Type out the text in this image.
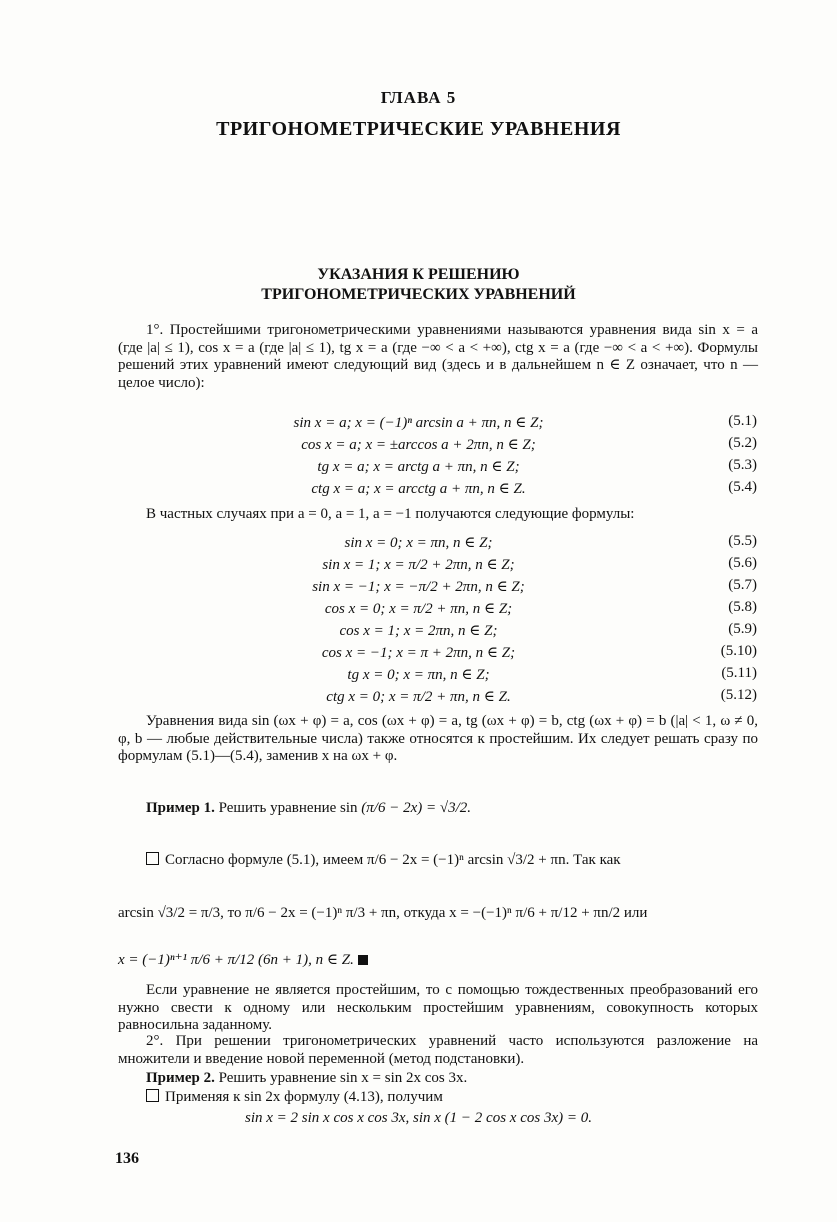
ГЛАВА 5
ТРИГОНОМЕТРИЧЕСКИЕ УРАВНЕНИЯ
УКАЗАНИЯ К РЕШЕНИЮ
ТРИГОНОМЕТРИЧЕСКИХ УРАВНЕНИЙ
1°. Простейшими тригонометрическими уравнениями называются уравнения вида sin x = a (где |a| ≤ 1), cos x = a (где |a| ≤ 1), tg x = a (где −∞ < a < +∞), ctg x = a (где −∞ < a < +∞). Формулы решений этих уравнений имеют следующий вид (здесь и в дальнейшем n ∈ Z означает, что n — целое число):
sin x = a; x = (−1)ⁿ arcsin a + πn, n ∈ Z;	(5.1)
cos x = a; x = ±arccos a + 2πn, n ∈ Z;	(5.2)
tg x = a; x = arctg a + πn, n ∈ Z;	(5.3)
ctg x = a; x = arcctg a + πn, n ∈ Z.	(5.4)
В частных случаях при a = 0, a = 1, a = −1 получаются следующие формулы:
sin x = 0; x = πn, n ∈ Z;	(5.5)
sin x = 1; x = π/2 + 2πn, n ∈ Z;	(5.6)
sin x = −1; x = −π/2 + 2πn, n ∈ Z;	(5.7)
cos x = 0; x = π/2 + πn, n ∈ Z;	(5.8)
cos x = 1; x = 2πn, n ∈ Z;	(5.9)
cos x = −1; x = π + 2πn, n ∈ Z;	(5.10)
tg x = 0; x = πn, n ∈ Z;	(5.11)
ctg x = 0; x = π/2 + πn, n ∈ Z.	(5.12)
Уравнения вида sin (ωx + φ) = a, cos (ωx + φ) = a, tg (ωx + φ) = b, ctg (ωx + φ) = b (|a| < 1, ω ≠ 0, φ, b — любые действительные числа) также относятся к простейшим. Их следует решать сразу по формулам (5.1)—(5.4), заменив x на ωx + φ.
Пример 1. Решить уравнение sin (π/6 − 2x) = √3/2.
Согласно формуле (5.1), имеем π/6 − 2x = (−1)ⁿ arcsin √3/2 + πn. Так как
arcsin √3/2 = π/3, то π/6 − 2x = (−1)ⁿ π/3 + πn, откуда x = −(−1)ⁿ π/6 + π/12 + πn/2 или
x = (−1)ⁿ⁺¹ π/6 + π/12 (6n + 1), n ∈ Z.
Если уравнение не является простейшим, то с помощью тождественных преобразований его нужно свести к одному или нескольким простейшим уравнениям, совокупность которых равносильна заданному.
2°. При решении тригонометрических уравнений часто используются разложение на множители и введение новой переменной (метод подстановки).
Пример 2. Решить уравнение sin x = sin 2x cos 3x.
Применяя к sin 2x формулу (4.13), получим
sin x = 2 sin x cos x cos 3x, sin x (1 − 2 cos x cos 3x) = 0.
136
